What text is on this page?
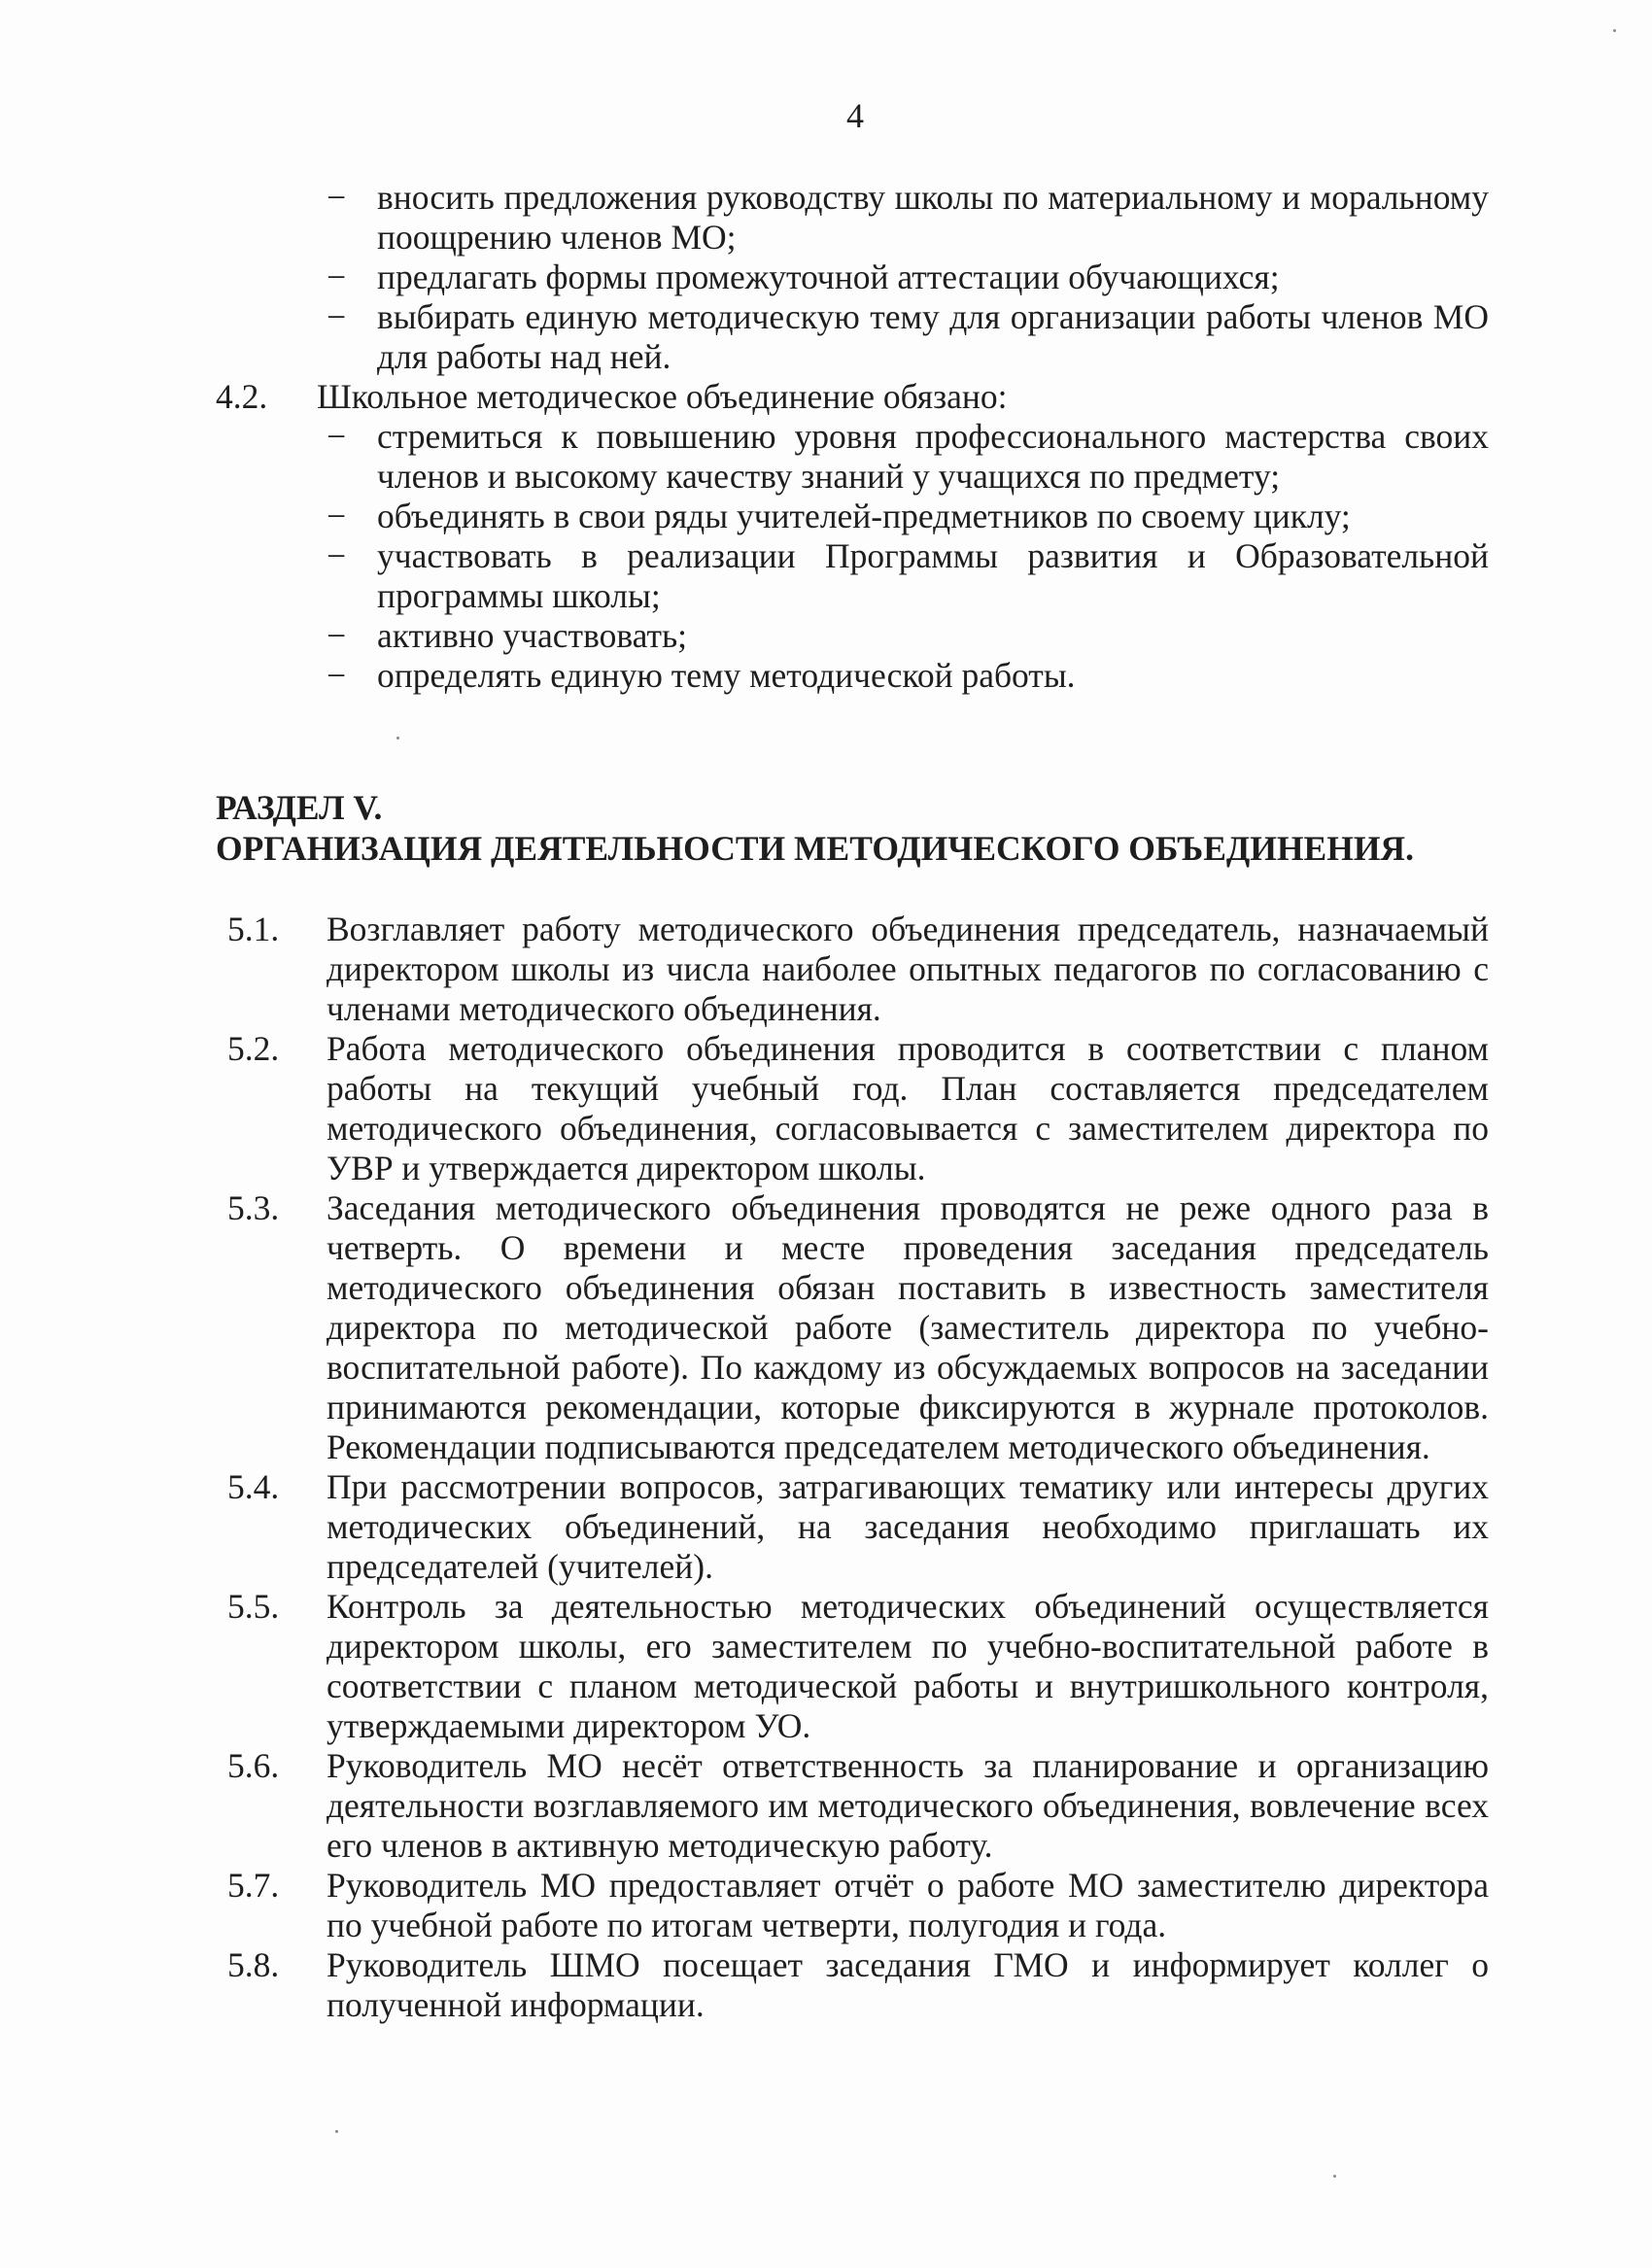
4
− вносить предложения руководству школы по материальному и моральному поощрению членов МО;
− предлагать формы промежуточной аттестации обучающихся;
− выбирать единую методическую тему для организации работы членов МО для работы над ней.
4.2. Школьное методическое объединение обязано:
− стремиться к повышению уровня профессионального мастерства своих членов и высокому качеству знаний у учащихся по предмету;
− объединять в свои ряды учителей-предметников по своему циклу;
− участвовать в реализации Программы развития и Образовательной программы школы;
− активно участвовать;
− определять единую тему методической работы.
РАЗДЕЛ V.
ОРГАНИЗАЦИЯ ДЕЯТЕЛЬНОСТИ МЕТОДИЧЕСКОГО ОБЪЕДИНЕНИЯ.
5.1. Возглавляет работу методического объединения председатель, назначаемый директором школы из числа наиболее опытных педагогов по согласованию с членами методического объединения.
5.2. Работа методического объединения проводится в соответствии с планом работы на текущий учебный год. План составляется председателем методического объединения, согласовывается с заместителем директора по УВР и утверждается директором школы.
5.3. Заседания методического объединения проводятся не реже одного раза в четверть. О времени и месте проведения заседания председатель методического объединения обязан поставить в известность заместителя директора по методической работе (заместитель директора по учебно-воспитательной работе). По каждому из обсуждаемых вопросов на заседании принимаются рекомендации, которые фиксируются в журнале протоколов. Рекомендации подписываются председателем методического объединения.
5.4. При рассмотрении вопросов, затрагивающих тематику или интересы других методических объединений, на заседания необходимо приглашать их председателей (учителей).
5.5. Контроль за деятельностью методических объединений осуществляется директором школы, его заместителем по учебно-воспитательной работе в соответствии с планом методической работы и внутришкольного контроля, утверждаемыми директором УО.
5.6. Руководитель МО несёт ответственность за планирование и организацию деятельности возглавляемого им методического объединения, вовлечение всех его членов в активную методическую работу.
5.7. Руководитель МО предоставляет отчёт о работе МО заместителю директора по учебной работе по итогам четверти, полугодия и года.
5.8. Руководитель ШМО посещает заседания ГМО и информирует коллег о полученной информации.
